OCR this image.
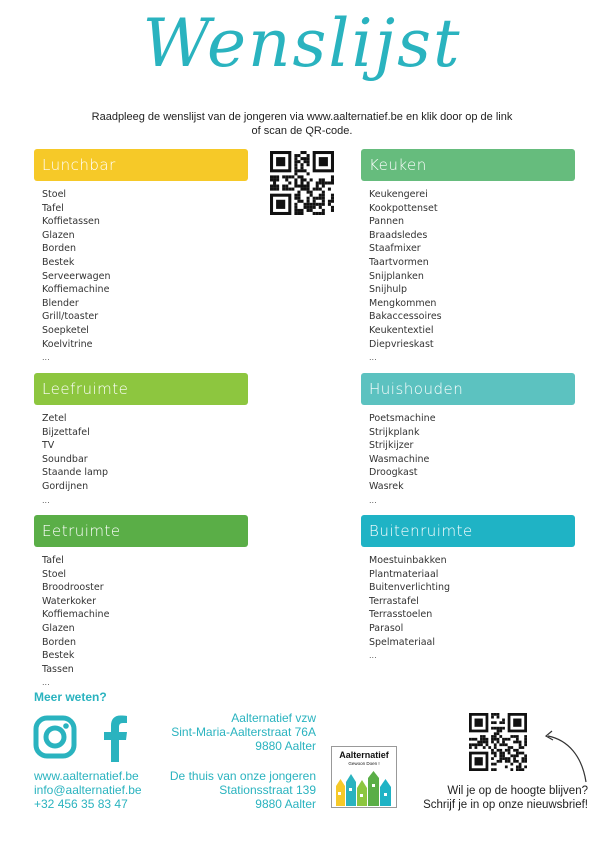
Wenslijst
Raadpleeg de wenslijst van de jongeren via www.aalternatief.be en klik door op de link
of scan de QR-code.
Lunchbar
Stoel
Tafel
Koffietassen
Glazen
Borden
Bestek
Serveerwagen
Koffiemachine
Blender
Grill/toaster
Soepketel
Koelvitrine
...
Keuken
Keukengerei
Kookpottenset
Pannen
Braadsledes
Staafmixer
Taartvormen
Snijplanken
Snijhulp
Mengkommen
Bakaccessoires
Keukentextiel
Diepvrieskast
...
Leefruimte
Zetel
Bijzettafel
TV
Soundbar
Staande lamp
Gordijnen
...
Huishouden
Poetsmachine
Strijkplank
Strijkijzer
Wasmachine
Droogkast
Wasrek
...
Eetruimte
Tafel
Stoel
Broodrooster
Waterkoker
Koffiemachine
Glazen
Borden
Bestek
Tassen
...
Buitenruimte
Moestuinbakken
Plantmateriaal
Buitenverlichting
Terrastafel
Terrasstoelen
Parasol
Spelmateriaal
...
Meer weten?
www.aalternatief.be
info@aalternatief.be
+32 456 35 83 47
Aalternatief vzw
Sint-Maria-Aalterstraat 76A
9880 Aalter
De thuis van onze jongeren
Stationsstraat 139
9880 Aalter
Aalternatief
Gewoon Doen !
Wil je op de hoogte blijven?
Schrijf je in op onze nieuwsbrief!
